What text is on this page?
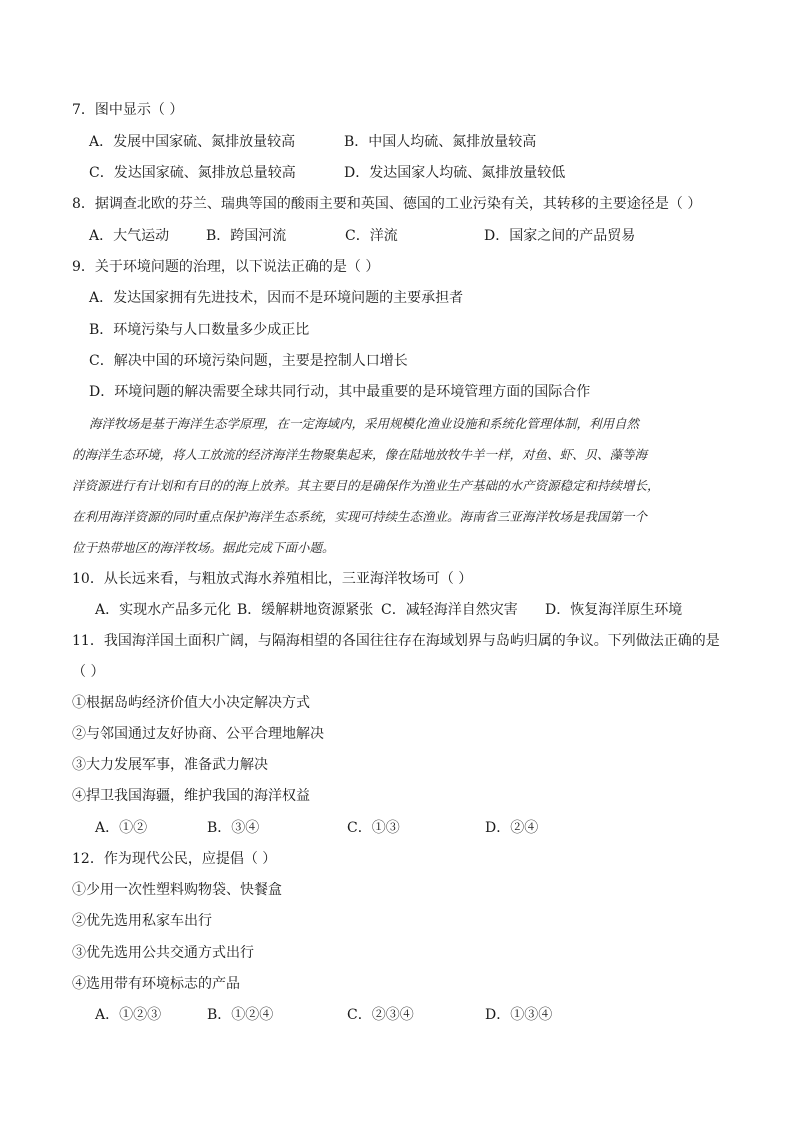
7．图中显示（ ）
A．发展中国家硫、氮排放量较高	B．中国人均硫、氮排放量较高
C．发达国家硫、氮排放总量较高	D．发达国家人均硫、氮排放量较低
8．据调查北欧的芬兰、瑞典等国的酸雨主要和英国、德国的工业污染有关，其转移的主要途径是（ ）
A．大气运动	B．跨国河流	C．洋流	D．国家之间的产品贸易
9．关于环境问题的治理，以下说法正确的是（ ）
A．发达国家拥有先进技术，因而不是环境问题的主要承担者
B．环境污染与人口数量多少成正比
C．解决中国的环境污染问题，主要是控制人口增长
D．环境问题的解决需要全球共同行动，其中最重要的是环境管理方面的国际合作
海洋牧场是基于海洋生态学原理，在一定海域内，采用规模化渔业设施和系统化管理体制，利用自然
的海洋生态环境，将人工放流的经济海洋生物聚集起来，像在陆地放牧牛羊一样，对鱼、虾、贝、藻等海
洋资源进行有计划和有目的的海上放养。其主要目的是确保作为渔业生产基础的水产资源稳定和持续增长，
在利用海洋资源的同时重点保护海洋生态系统，实现可持续生态渔业。海南省三亚海洋牧场是我国第一个
位于热带地区的海洋牧场。据此完成下面小题。
10．从长远来看，与粗放式海水养殖相比，三亚海洋牧场可（ ）
A．实现水产品多元化 B．缓解耕地资源紧张 C．减轻海洋自然灾害 D．恢复海洋原生环境
11．我国海洋国土面积广阔，与隔海相望的各国往往存在海域划界与岛屿归属的争议。下列做法正确的是
（ ）
①根据岛屿经济价值大小决定解决方式
②与邻国通过友好协商、公平合理地解决
③大力发展军事，准备武力解决
④捍卫我国海疆，维护我国的海洋权益
A．①②	B．③④	C．①③	D．②④
12．作为现代公民，应提倡（ ）
①少用一次性塑料购物袋、快餐盒
②优先选用私家车出行
③优先选用公共交通方式出行
④选用带有环境标志的产品
A．①②③	B．①②④	C．②③④	D．①③④
